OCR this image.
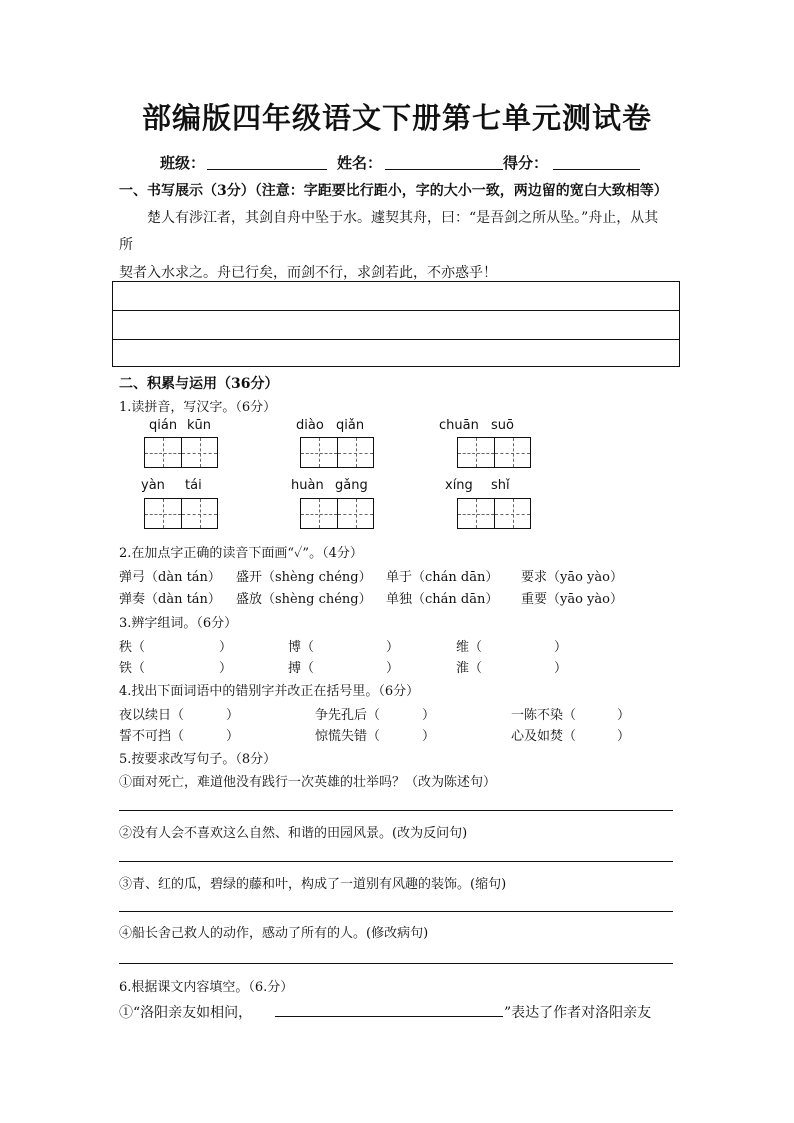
部编版四年级语文下册第七单元测试卷
班级：	姓名：	得分：
一、书写展示（3分）（注意：字距要比行距小，字的大小一致，两边留的宽白大致相等）
楚人有涉江者，其剑自舟中坠于水。遽契其舟，曰：“是吾剑之所从坠。”舟止，从其
所
契者入水求之。舟已行矣，而剑不行，求剑若此，不亦惑乎！
二、积累与运用（36分）
1.读拼音，写汉字。（6分）
qián kūn	diào qiǎn	chuān suō
yàn tái	huàn gǎng	xíng shǐ
2.在加点字正确的读音下面画“✓”。（4分）
弹弓（dàn tán） 盛开（shèng chéng） 单于（chán dān） 要求（yāo yào）
弹奏（dàn tán） 盛放（shèng chéng） 单独（chán dān） 重要（yāo yào）
3.辨字组词。（6分）
秩（	）	博（	）	维（	）
铁（	）	搏（	）	淮（	）
4.找出下面词语中的错别字并改正在括号里。（6分）
夜以续日（	）	争先孔后（	）	一陈不染（	）
誓不可挡（	）	惊慌失错（	）	心及如焚（	）
5.按要求改写句子。（8分）
①面对死亡，难道他没有践行一次英雄的壮举吗？（改为陈述句）
②没有人会不喜欢这么自然、和谐的田园风景。(改为反问句)
③青、红的瓜，碧绿的藤和叶，构成了一道别有风趣的装饰。(缩句)
④船长舍己救人的动作，感动了所有的人。(修改病句)
6.根据课文内容填空。（6.分）
①“洛阳亲友如相问，	”表达了作者对洛阳亲友
